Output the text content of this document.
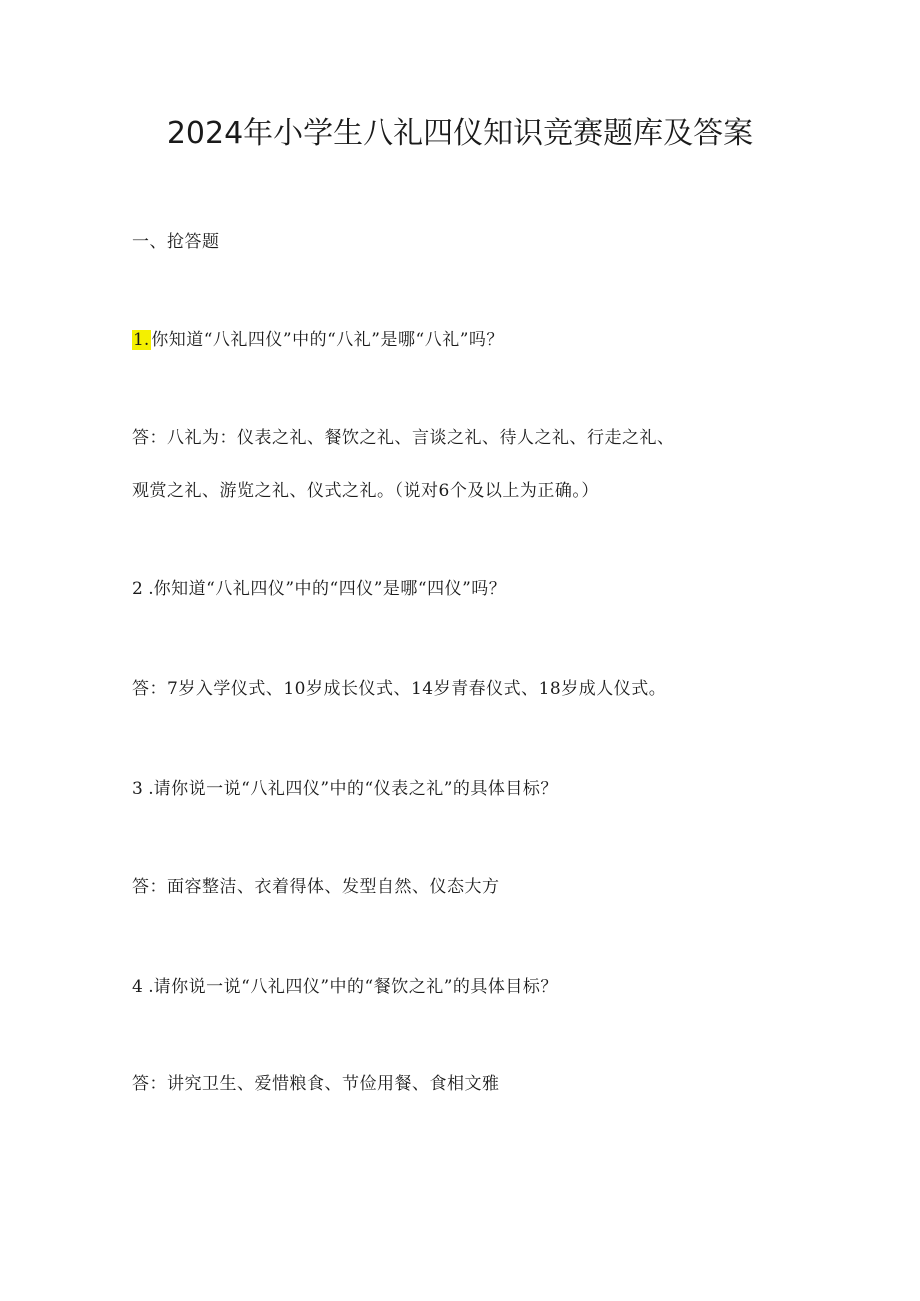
2024年小学生八礼四仪知识竞赛题库及答案
一、抢答题
1. 你知道“八礼四仪”中的“八礼”是哪“八礼”吗？
答：八礼为：仪表之礼、餐饮之礼、言谈之礼、待人之礼、行走之礼、
观赏之礼、游览之礼、仪式之礼。（说对6个及以上为正确。）
2 .你知道“八礼四仪”中的“四仪”是哪“四仪”吗？
答：7岁入学仪式、10岁成长仪式、14岁青春仪式、18岁成人仪式。
3 .请你说一说“八礼四仪”中的“仪表之礼”的具体目标？
答：面容整洁、衣着得体、发型自然、仪态大方
4 .请你说一说“八礼四仪”中的“餐饮之礼”的具体目标？
答：讲究卫生、爱惜粮食、节俭用餐、食相文雅
